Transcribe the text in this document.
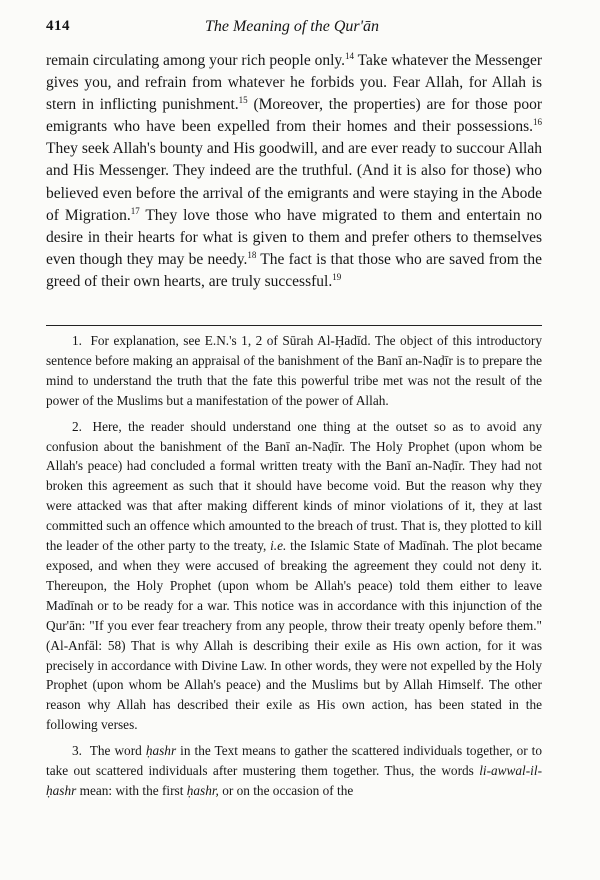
414	The Meaning of the Qur'ān

remain circulating among your rich people only.$^{14}$ Take whatever the Messenger gives you, and refrain from whatever he forbids you. Fear Allah, for Allah is stern in inflicting punishment.$^{15}$ (Moreover, the properties) are for those poor emigrants who have been expelled from their homes and their possessions.$^{16}$ They seek Allah's bounty and His goodwill, and are ever ready to succour Allah and His Messenger. They indeed are the truthful. (And it is also for those) who believed even before the arrival of the emigrants and were staying in the Abode of Migration.$^{17}$ They love those who have migrated to them and entertain no desire in their hearts for what is given to them and prefer others to themselves even though they may be needy.$^{18}$ The fact is that those who are saved from the greed of their own hearts, are truly successful.$^{19}$

1. For explanation, see E.N.'s 1, 2 of Sūrah Al-Ḥadīd. The object of this introductory sentence before making an appraisal of the banishment of the Banī an-Naḍīr is to prepare the mind to understand the truth that the fate this powerful tribe met was not the result of the power of the Muslims but a manifestation of the power of Allah.

2. Here, the reader should understand one thing at the outset so as to avoid any confusion about the banishment of the Banī an-Naḍīr. The Holy Prophet (upon whom be Allah's peace) had concluded a formal written treaty with the Banī an-Naḍīr. They had not broken this agreement as such that it should have become void. But the reason why they were attacked was that after making different kinds of minor violations of it, they at last committed such an offence which amounted to the breach of trust. That is, they plotted to kill the leader of the other party to the treaty, i.e. the Islamic State of Madīnah. The plot became exposed, and when they were accused of breaking the agreement they could not deny it. Thereupon, the Holy Prophet (upon whom be Allah's peace) told them either to leave Madīnah or to be ready for a war. This notice was in accordance with this injunction of the Qur'ān: "If you ever fear treachery from any people, throw their treaty openly before them." (Al-Anfāl: 58) That is why Allah is describing their exile as His own action, for it was precisely in accordance with Divine Law. In other words, they were not expelled by the Holy Prophet (upon whom be Allah's peace) and the Muslims but by Allah Himself. The other reason why Allah has described their exile as His own action, has been stated in the following verses.

3. The word ḥashr in the Text means to gather the scattered individuals together, or to take out scattered individuals after mustering them together. Thus, the words li-awwal-il-ḥashr mean: with the first ḥashr, or on the occasion of the
